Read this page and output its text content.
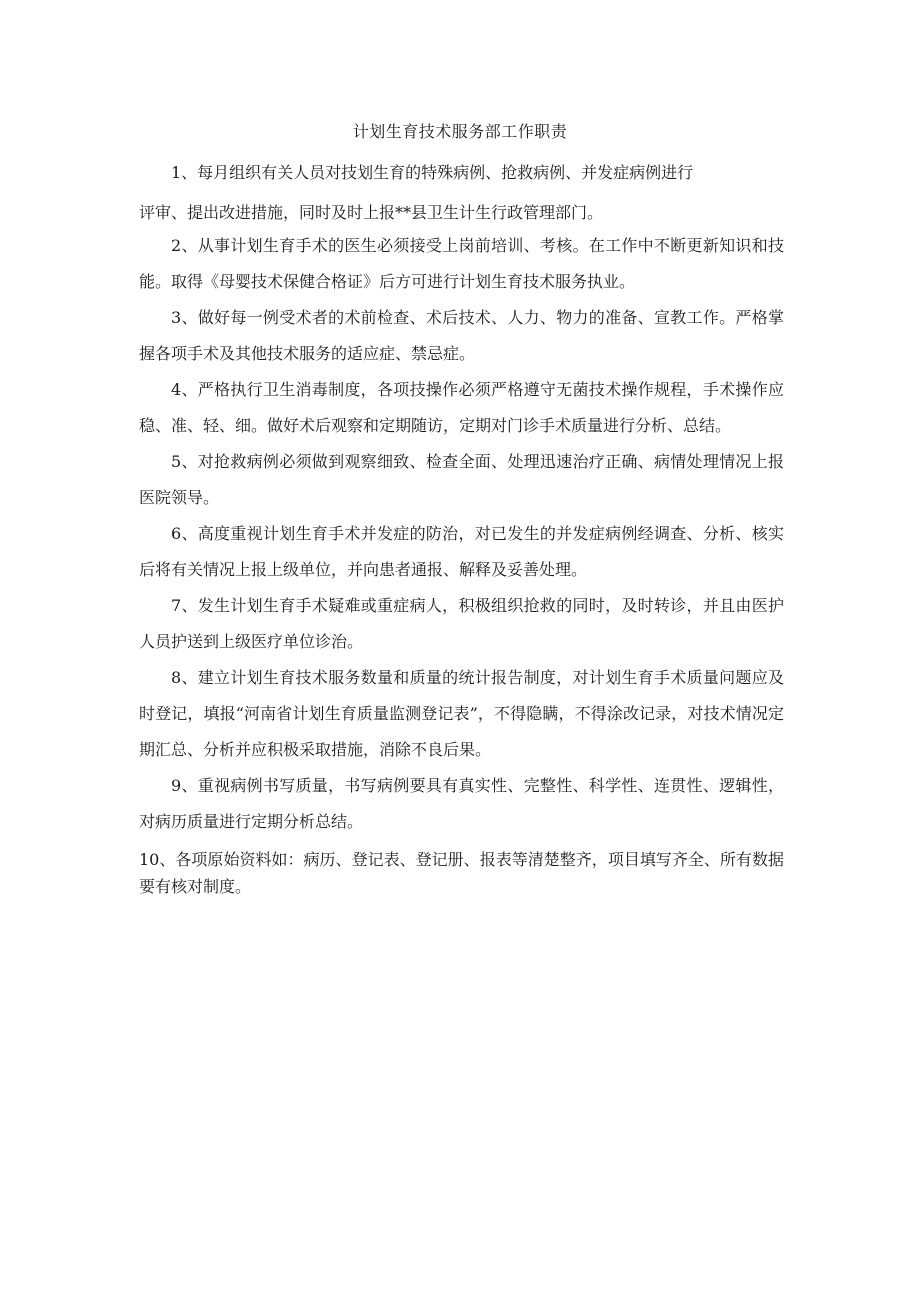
计划生育技术服务部工作职责

1、每月组织有关人员对技划生育的特殊病例、抢救病例、并发症病例进行
评审、提出改进措施，同时及时上报**县卫生计生行政管理部门。

2、从事计划生育手术的医生必须接受上岗前培训、考核。在工作中不断更新知识和技能。取得《母婴技术保健合格证》后方可进行计划生育技术服务执业。

3、做好每一例受术者的术前检查、术后技术、人力、物力的准备、宣教工作。严格掌握各项手术及其他技术服务的适应症、禁忌症。

4、严格执行卫生消毒制度，各项技操作必须严格遵守无菌技术操作规程，手术操作应稳、准、轻、细。做好术后观察和定期随访，定期对门诊手术质量进行分析、总结。

5、对抢救病例必须做到观察细致、检查全面、处理迅速治疗正确、病情处理情况上报医院领导。

6、高度重视计划生育手术并发症的防治，对已发生的并发症病例经调查、分析、核实后将有关情况上报上级单位，并向患者通报、解释及妥善处理。

7、发生计划生育手术疑难或重症病人，积极组织抢救的同时，及时转诊，并且由医护人员护送到上级医疗单位诊治。

8、建立计划生育技术服务数量和质量的统计报告制度，对计划生育手术质量问题应及时登记，填报“河南省计划生育质量监测登记表”，不得隐瞒，不得涂改记录，对技术情况定期汇总、分析并应积极采取措施，消除不良后果。

9、重视病例书写质量，书写病例要具有真实性、完整性、科学性、连贯性、逻辑性，对病历质量进行定期分析总结。

10、各项原始资料如：病历、登记表、登记册、报表等清楚整齐，项目填写齐全、所有数据要有核对制度。
